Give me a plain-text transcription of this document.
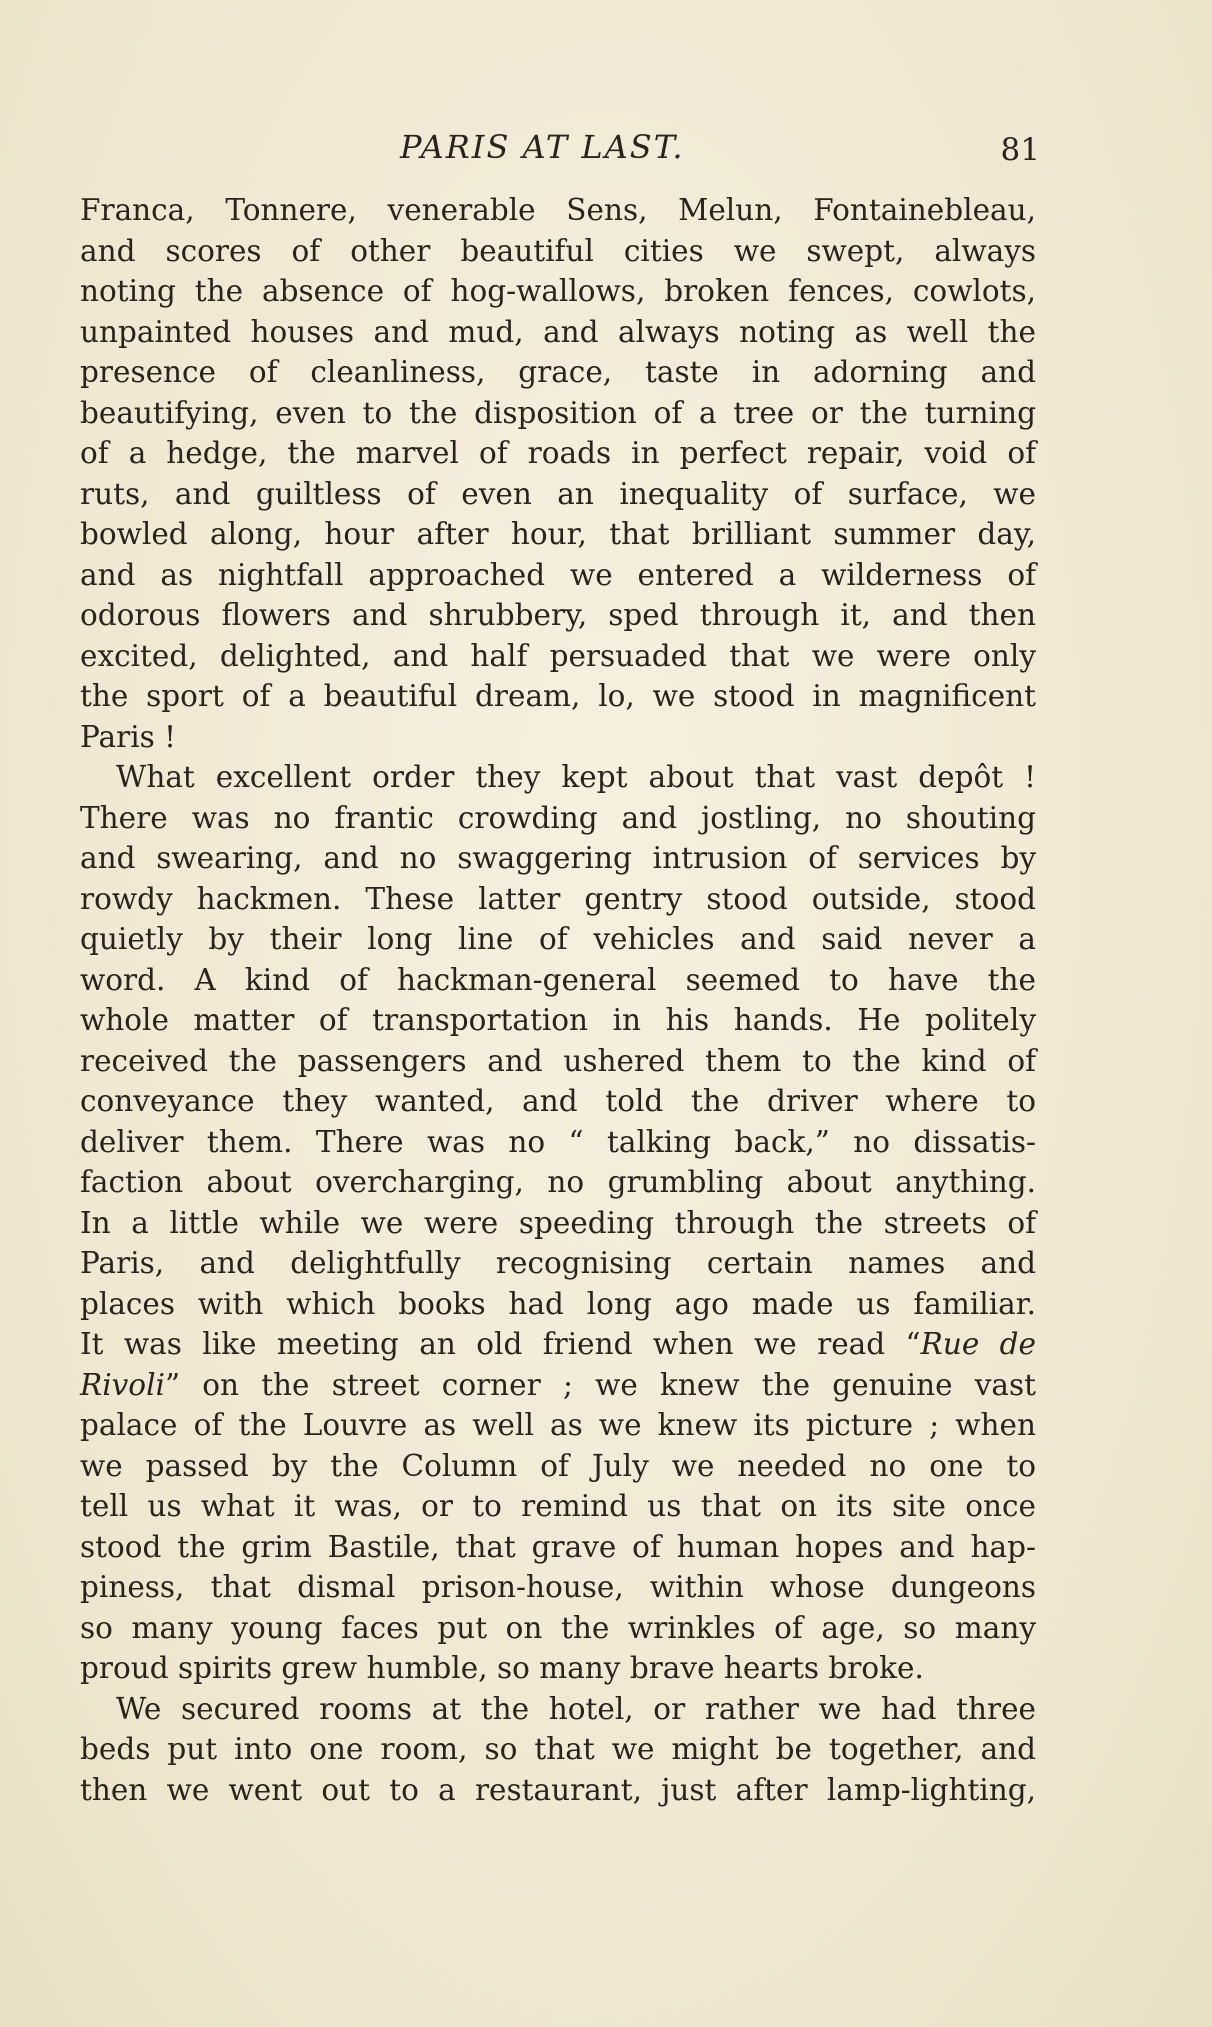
PARIS AT LAST.	81
Franca, Tonnere, venerable Sens, Melun, Fontainebleau,
and scores of other beautiful cities we swept, always
noting the absence of hog-wallows, broken fences, cowlots,
unpainted houses and mud, and always noting as well the
presence of cleanliness, grace, taste in adorning and
beautifying, even to the disposition of a tree or the turning
of a hedge, the marvel of roads in perfect repair, void of
ruts, and guiltless of even an inequality of surface, we
bowled along, hour after hour, that brilliant summer day,
and as nightfall approached we entered a wilderness of
odorous flowers and shrubbery, sped through it, and then
excited, delighted, and half persuaded that we were only
the sport of a beautiful dream, lo, we stood in magnificent
Paris !
What excellent order they kept about that vast depôt !
There was no frantic crowding and jostling, no shouting
and swearing, and no swaggering intrusion of services by
rowdy hackmen. These latter gentry stood outside, stood
quietly by their long line of vehicles and said never a
word. A kind of hackman-general seemed to have the
whole matter of transportation in his hands. He politely
received the passengers and ushered them to the kind of
conveyance they wanted, and told the driver where to
deliver them. There was no “ talking back,” no dissatis-
faction about overcharging, no grumbling about anything.
In a little while we were speeding through the streets of
Paris, and delightfully recognising certain names and
places with which books had long ago made us familiar.
It was like meeting an old friend when we read “Rue de
Rivoli” on the street corner ; we knew the genuine vast
palace of the Louvre as well as we knew its picture ; when
we passed by the Column of July we needed no one to
tell us what it was, or to remind us that on its site once
stood the grim Bastile, that grave of human hopes and hap-
piness, that dismal prison-house, within whose dungeons
so many young faces put on the wrinkles of age, so many
proud spirits grew humble, so many brave hearts broke.
We secured rooms at the hotel, or rather we had three
beds put into one room, so that we might be together, and
then we went out to a restaurant, just after lamp-lighting,
